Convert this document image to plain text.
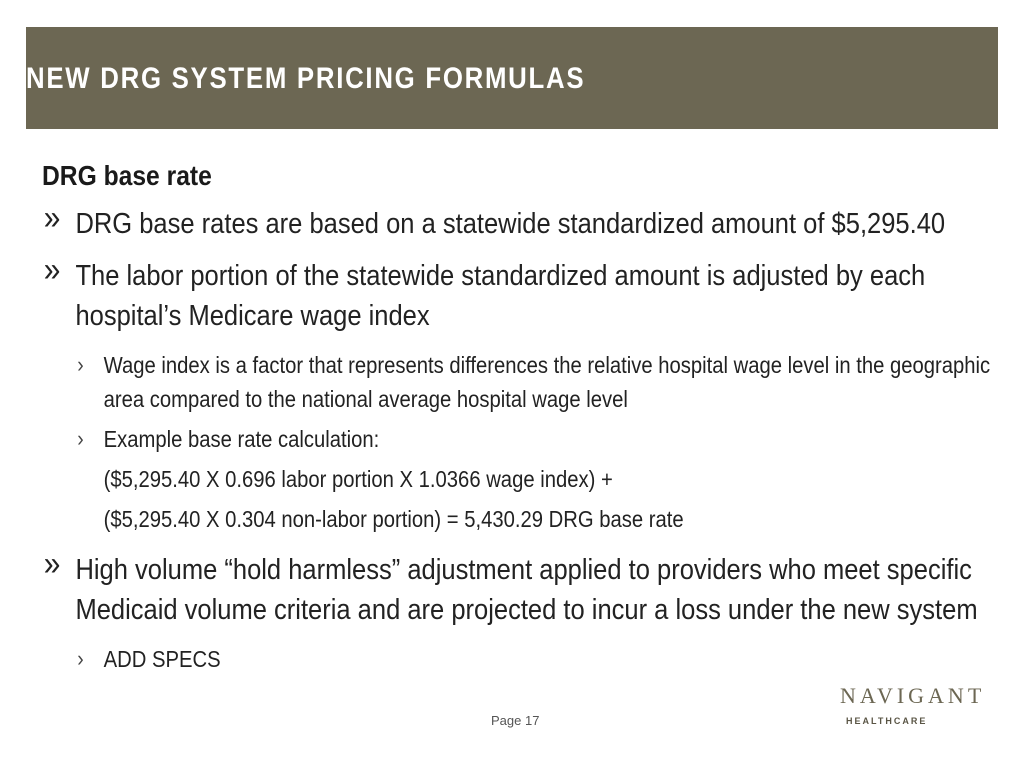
NEW DRG SYSTEM PRICING FORMULAS
DRG base rate
» DRG base rates are based on a statewide standardized amount of $5,295.40
» The labor portion of the statewide standardized amount is adjusted by each hospital’s Medicare wage index
› Wage index is a factor that represents differences the relative hospital wage level in the geographic area compared to the national average hospital wage level
› Example base rate calculation:
($5,295.40 X 0.696 labor portion X 1.0366 wage index) +
($5,295.40 X 0.304 non-labor portion) = 5,430.29 DRG base rate
» High volume “hold harmless” adjustment applied to providers who meet specific Medicaid volume criteria and are projected to incur a loss under the new system
› ADD SPECS
Page 17
NAVIGANT
HEALTHCARE
